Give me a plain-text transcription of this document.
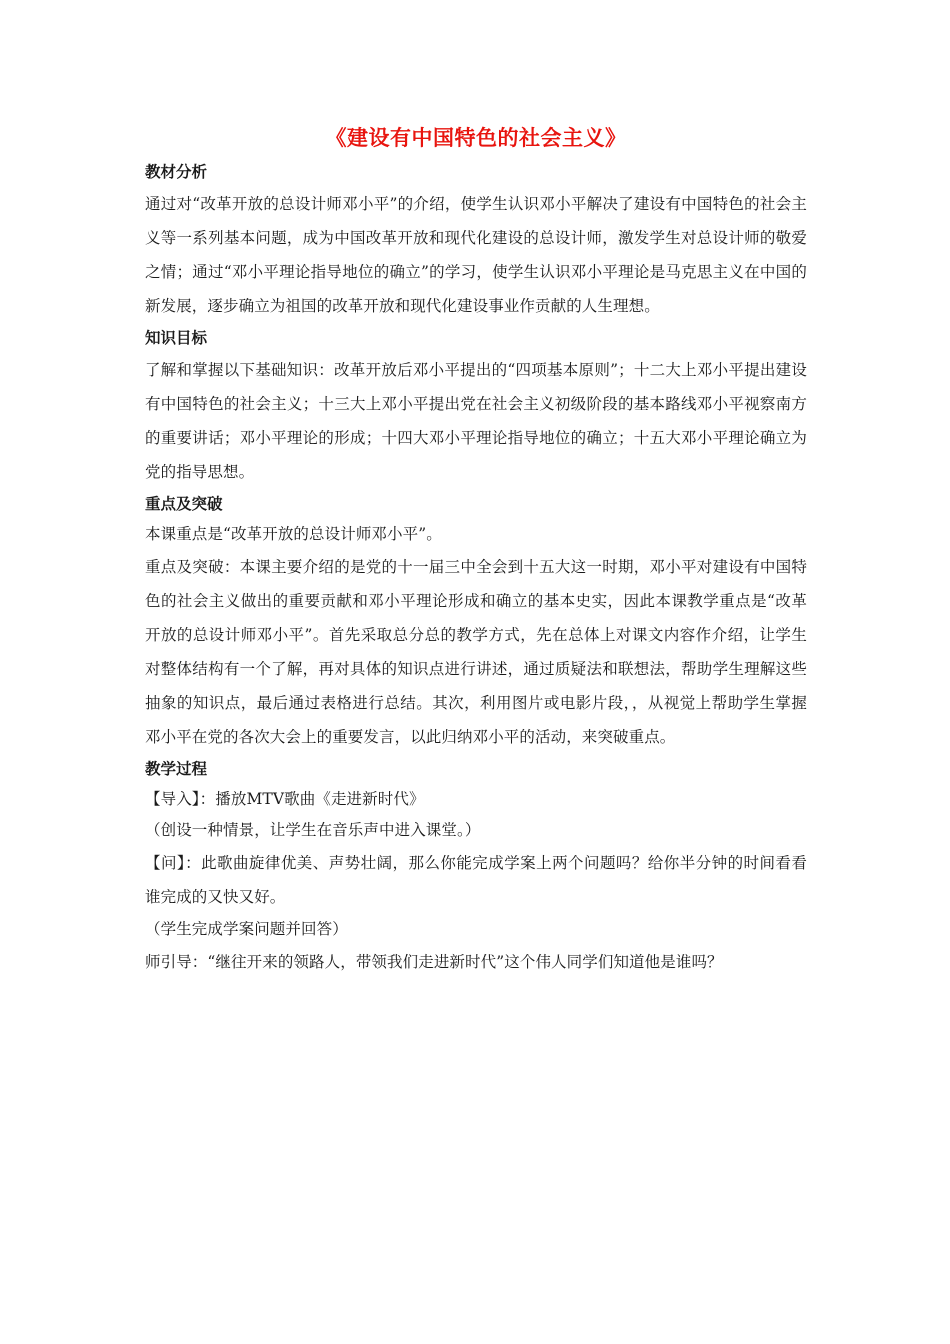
《建设有中国特色的社会主义》
教材分析

通过对“改革开放的总设计师邓小平”的介绍，使学生认识邓小平解决了建设有中国特色的社会主义等一系列基本问题，成为中国改革开放和现代化建设的总设计师，激发学生对总设计师的敬爱之情；通过“邓小平理论指导地位的确立”的学习，使学生认识邓小平理论是马克思主义在中国的新发展，逐步确立为祖国的改革开放和现代化建设事业作贡献的人生理想。

知识目标

了解和掌握以下基础知识：改革开放后邓小平提出的“四项基本原则”；十二大上邓小平提出建设有中国特色的社会主义；十三大上邓小平提出党在社会主义初级阶段的基本路线邓小平视察南方的重要讲话；邓小平理论的形成；十四大邓小平理论指导地位的确立；十五大邓小平理论确立为党的指导思想。

重点及突破

本课重点是“改革开放的总设计师邓小平”。

重点及突破：本课主要介绍的是党的十一届三中全会到十五大这一时期，邓小平对建设有中国特色的社会主义做出的重要贡献和邓小平理论形成和确立的基本史实，因此本课教学重点是“改革开放的总设计师邓小平”。首先采取总分总的教学方式，先在总体上对课文内容作介绍，让学生对整体结构有一个了解，再对具体的知识点进行讲述，通过质疑法和联想法，帮助学生理解这些抽象的知识点，最后通过表格进行总结。其次，利用图片或电影片段，，从视觉上帮助学生掌握邓小平在党的各次大会上的重要发言，以此归纳邓小平的活动，来突破重点。

教学过程

【导入】：播放MTV歌曲《走进新时代》

（创设一种情景，让学生在音乐声中进入课堂。）

【问】：此歌曲旋律优美、声势壮阔，那么你能完成学案上两个问题吗？给你半分钟的时间看看谁完成的又快又好。

（学生完成学案问题并回答）

师引导：“继往开来的领路人，带领我们走进新时代”这个伟人同学们知道他是谁吗？
